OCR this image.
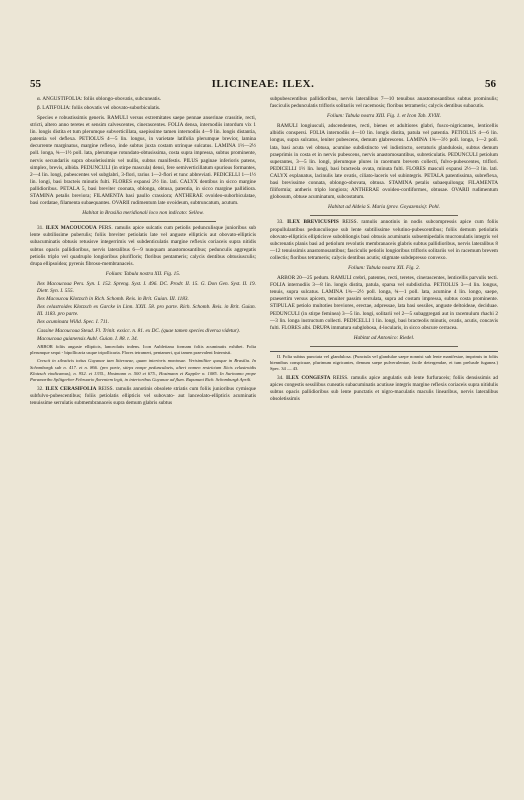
55	ILICINEAE: ILEX.	56

α. ANGUSTIFOLIA: foliis oblongo-obovatis, subcuneatis.

β. LATIFOLIA: foliis obovatis vel obovato-suborbiculatis.

Species e robustissimis generis. RAMULI versus extremitates saepe pennae anserinae crassitie, recti, stricti, altero anno teretes et sensim calvescentes, cinerascentes. FOLIA densa, internodiis intordum vix 1 lin. longis distita et tum plerumque subverticillata, saepissime tamen internodiis 4—9 lin. longis distantia, patentia vel deflexa. PETIOLUS 4—5 lin. longus, in varietate latifolia plerumque brevior, lamina decurrente marginatus, margine reflexo, inde subtus juxta costam utrinque sulcatus. LAMINA 1½—2½ poll. longa, ¾—1½ poll. lata, plerumque rotundato-obtusissima, costa supra impressa, subtus prominente, nervis secundariis supra obsoletissimis vel nullis, subtus manifestis. PILUS paginae inferioris patens, simplex, brevis, albida. PEDUNCULI (in stirpe mascula) densi, fere semiverticillatum spurious formantes, 2—4 lin. longi, pubescentes vel subglabri, 3-flori, rarius 1—2-flori et tunc abbreviati. PEDICELLI 1—1½ lin. longi, basi bracteis minutis fulti. FLORES expansi 2½ lin. lati. CALYX dentibus in sicco margine pallidioribus. PETALA 5, basi breviter coonata, oblonga, obtusa, patentia, in sicco margine pallidiora. STAMINA petalis breviora; FILAMENTA basi paullo crassiora; ANTHERAE ovoideo-suborbiculatae, basi cordatae, filamenta subaequantes. OVARII rudimentum late ovoideum, subtruncatum, acutum.

Habitat in Brasilia meridionali loco non indicato: Sellow.

31. ILEX MACOUCOUA PERS. ramulis apice sulcatis cum petiolis pedunculisque junioribus sub lente subtilissime puberulis; foliis breviter petiolatis late vel anguste ellipticis aut obovato-ellipticis subacuminatis obtusis retusisve integerrimis vel subdenticulatis margine reflexis coriaceis supra nitidis subtus opacis pallidioribus, nervis lateralibus 6—9 nunquam anastomosantibus; pedunculis aggregatis petiolis triplo vel quadruplo longioribus plurifloris; floribus pentameris; calycis dentibus obtusiusculis; drupa ellipsoidea; pyrenis fibroso-membranaceis.

Folium: Tabula nostra XII. Fig. 15.

Ilex Macoucoua Pers. Syn. I. 152. Spreng. Syst. I. 496. DC. Prodr. II. 15. G. Don Gen. Syst. II. 19. Dietr. Syn. I. 555.

Ilex Macoucou Klotzsch in Rich. Schomb. Reis. in Brit. Guian. III. 1183.

Ilex celastroides Klotzsch ex Garcke in Linn. XXII. 58. pro parte. Rich. Schomb. Reis. in Brit. Guian. III. 1183. pro parte.

Ilex acuminata Willd. Spec. I. 711.

Cassine Macoucoua Steud. Fl. Trinit. exsicc. n. 81. ex DC. (quae tamen species diversa videtur).

Macoucoua guianensis Aubl. Guian. I. 88. t. 34.

ARBOR foliis anguste ellipticis, lanceolatis indens. Icon Aubletiana formam foliis acuminatis exhibet. Folia plerumque sequi - bipollicaria usque tripollicaria. Flores tetrameri, pentameri, qui tamen praevalent Internisti.

Crescit in silvaticis totius Guyanae tam litteraeae, quam interioris montosae. Verisimiliter quoque in Brasilia. In Schomburgk sub n. 417. et n. 866. (pro parte, stirps nonpe pedunculaeis, altert nomen restrictam Ilicis celastroidis Klotzsch vindicamus), n. 952. et 1335., Hostmann n. 500 et 675., Hostmann et Kappler n. 1085. In Surinamo prope Paramaribo Splitgerber Februario florentem legit, in interioribus Guyanae ad flum. Rupununi Rich. Schomburgk Aprili.

32. ILEX CERASIFOLIA REISS. ramulis annotinis obsolete striatis cum foliis junioribus cymisque subfulvo-pubescentibus; foliis petiolatis ellipticis vel subovato- aut lanceolato-ellipticis acuminatis tenuissime serrulatis submembranaceis supra demum glabris subtus

subpubescentibus pallidioribus, nervis lateralibus 7—10 tenuibus anastomosantibus subtus prominulis; fasciculis pedunculatis trifloris solitariis vel racemosis; floribus tetrameris; calycis dentibus subacutis.

Folium: Tabula nostra XIII. Fig. 1. et Icon Tab. XVIII.

RAMULI longiusculi, adscendentes, recti, bienes et adultiores glabri, fusco-nigricantes, lenticellis albidis conspersi. FOLIA internodiis 4—10 lin. longis distita, patula vel patentia. PETIOLUS 4—6 lin. longus, supra sulcatus, leniter pubescens, demum glabrescens. LAMINA 1¾—3½ poll. longa, 1—2 poll. lata, basi acuta vel obtusa, acumine subdistincto vel indistincto, serraturis glandulosis, subtus demum praeprimis in costa et in nervis pubescens, nervis anastomosantibus, subreticulatis. PEDUNCULI petiolum superantes, 3—5 lin. longi, plerumque plures in racemum brevem collecti, fulvo-pubescentes, triflori. PEDICELLI 1½ lin. longi, basi bracteola ovata, minuta fulti. FLORES masculi expansi 2½—3 lin. lati. CALYX explanatus, lacinulis late ovatis, ciliato-laceris vel subintegris. PETALA patentissima, subreflexa, basi brevissime connata, oblongo-obovata, obtusa. STAMINA petalis subaequilonga; FILAMENTA filiformia; antheris triplo longiora; ANTHERAE ovoideo-cordiformes, obtusae. OVARII rudimentum globosum, obtuse acuminatum, subcostatum.

Habitat ad Aldeia S. Maria (prov. Goyazensis): Pohl.

33. ILEX BREVICUSPIS REISS. ramulis annotinis in nodis subcompressis apice cum foliis propullulantibus pedunculisque sub lente subtilissime velutino-pubescentibus; foliis demum petiolatis obovato-ellipticis ellipticisve subobliongis basi obtusis acuminatis subsemipedalis mucronulatis integris vel subcrenatis planis basi ad petiolum revolutis membranaceis glabris subtus pallidioribus, nervis lateralibus 8—12 tenuissimis anastomosantibus; fasciculis petiolis longioribus trifloris solitariis vel in racemum brevem collectis; floribus tetrameris; calycis dentibus acutis; stigmate subdepresso convexo.

Folium: Tabula nostra XII. Fig. 2.

ARBOR 20—25 pedum. RAMULI crebri, patentes, recti, teretes, cinerascentes, lenticellis parvulis tecti. FOLIA internodiis 3—8 lin. longis distita, patula, sparsa vel subdisticha. PETIOLUS 3—4 lin. longus, tenuis, supra sulcatus. LAMINA 1¾—2½ poll. longa, ¾—1 poll. lata, acumine 4 lin. longo, saepe, praesertim versus apicem, tenuiter passim serrulata, supra ad costam impressa, subtus costa prominente. STIPULAE petiolo multoties breviores, erectae, adpressae, lata basi sessiles, anguste deltoideae, deciduae. PEDUNCULI (in stirpe feminea) 3—5 lin. longi, solitarii vel 2—5 subaggregati aut in racemulum rhachi 2—3 lin. longa instructum collecti. PEDICELLI 1 lin. longi, basi bracteolis minutis, ovatis, acutis, concavis fulti. FLORES albi. DRUPA immatura subglobosa, 4-locularis, in sicco obscure cerracea.

Habitat ad Antonico: Riedel.

II. Folia subtus punctata vel glandulosa. (Punctula vel glandulae saepe nonnisi sub lente manifestae, imprimis in foliis biennibus conspicuae, plurimum nigricantes, demum saepe pulverulentae, facile detergendae, et tum prelusde fuganea.) Spec. 34 — 43.

34. ILEX CONGESTA REISS. ramulis apice angulatis sub lente furfuraceis; foliis densissimis ad apices congestis sessilibus cuneatis subacuminatis acutiuse integris margine reflexis coriaceis supra nitidulis subtus opacis pallidioribus sub lente punctatis et nigro-maculatis maculis linearibus, nervis lateralibus obsoletissimis
